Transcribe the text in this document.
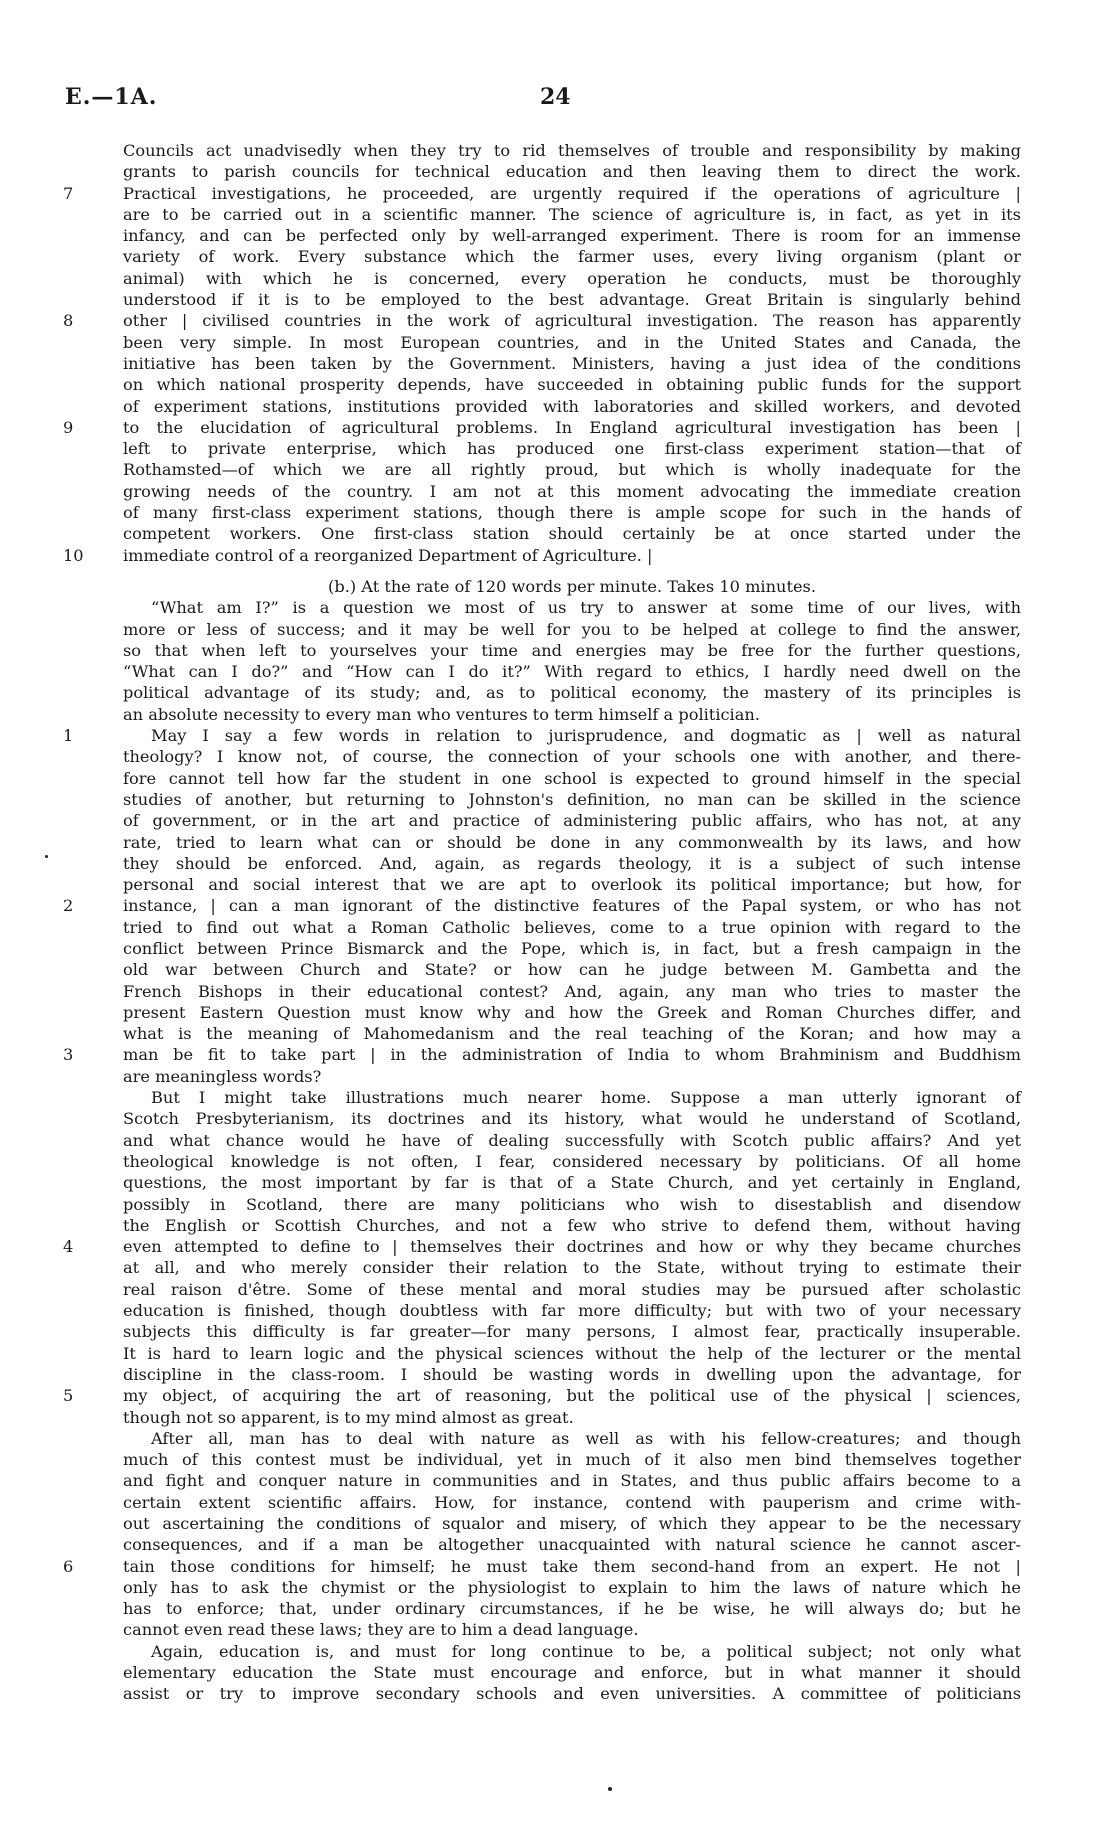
E.—1A.	24
Councils act unadvisedly when they try to rid themselves of trouble and responsibility by making
grants to parish councils for technical education and then leaving them to direct the work.
Practical investigations, he proceeded, are urgently required if the operations of agriculture |
7
are to be carried out in a scientific manner. The science of agriculture is, in fact, as yet in its
infancy, and can be perfected only by well-arranged experiment. There is room for an immense
variety of work. Every substance which the farmer uses, every living organism (plant or
animal) with which he is concerned, every operation he conducts, must be thoroughly
understood if it is to be employed to the best advantage. Great Britain is singularly behind
other | civilised countries in the work of agricultural investigation. The reason has apparently
8
been very simple. In most European countries, and in the United States and Canada, the
initiative has been taken by the Government. Ministers, having a just idea of the conditions
on which national prosperity depends, have succeeded in obtaining public funds for the support
of experiment stations, institutions provided with laboratories and skilled workers, and devoted
to the elucidation of agricultural problems. In England agricultural investigation has been |
9
left to private enterprise, which has produced one first-class experiment station—that of
Rothamsted—of which we are all rightly proud, but which is wholly inadequate for the
growing needs of the country. I am not at this moment advocating the immediate creation
of many first-class experiment stations, though there is ample scope for such in the hands of
competent workers. One first-class station should certainly be at once started under the
immediate control of a reorganized Department of Agriculture. |
10
(b.) At the rate of 120 words per minute. Takes 10 minutes.
“What am I?” is a question we most of us try to answer at some time of our lives, with
more or less of success; and it may be well for you to be helped at college to find the answer,
so that when left to yourselves your time and energies may be free for the further questions,
“What can I do?” and “How can I do it?” With regard to ethics, I hardly need dwell on the
political advantage of its study; and, as to political economy, the mastery of its principles is
an absolute necessity to every man who ventures to term himself a politician.
May I say a few words in relation to jurisprudence, and dogmatic as | well as natural
1
theology? I know not, of course, the connection of your schools one with another, and there-
fore cannot tell how far the student in one school is expected to ground himself in the special
studies of another, but returning to Johnston's definition, no man can be skilled in the science
of government, or in the art and practice of administering public affairs, who has not, at any
rate, tried to learn what can or should be done in any commonwealth by its laws, and how
they should be enforced. And, again, as regards theology, it is a subject of such intense
personal and social interest that we are apt to overlook its political importance; but how, for
instance, | can a man ignorant of the distinctive features of the Papal system, or who has not
2
tried to find out what a Roman Catholic believes, come to a true opinion with regard to the
conflict between Prince Bismarck and the Pope, which is, in fact, but a fresh campaign in the
old war between Church and State? or how can he judge between M. Gambetta and the
French Bishops in their educational contest? And, again, any man who tries to master the
present Eastern Question must know why and how the Greek and Roman Churches differ, and
what is the meaning of Mahomedanism and the real teaching of the Koran; and how may a
man be fit to take part | in the administration of India to whom Brahminism and Buddhism
3
are meaningless words?
But I might take illustrations much nearer home. Suppose a man utterly ignorant of
Scotch Presbyterianism, its doctrines and its history, what would he understand of Scotland,
and what chance would he have of dealing successfully with Scotch public affairs? And yet
theological knowledge is not often, I fear, considered necessary by politicians. Of all home
questions, the most important by far is that of a State Church, and yet certainly in England,
possibly in Scotland, there are many politicians who wish to disestablish and disendow
the English or Scottish Churches, and not a few who strive to defend them, without having
even attempted to define to | themselves their doctrines and how or why they became churches
4
at all, and who merely consider their relation to the State, without trying to estimate their
real raison d'être. Some of these mental and moral studies may be pursued after scholastic
education is finished, though doubtless with far more difficulty; but with two of your necessary
subjects this difficulty is far greater—for many persons, I almost fear, practically insuperable.
It is hard to learn logic and the physical sciences without the help of the lecturer or the mental
discipline in the class-room. I should be wasting words in dwelling upon the advantage, for
my object, of acquiring the art of reasoning, but the political use of the physical | sciences,
5
though not so apparent, is to my mind almost as great.
After all, man has to deal with nature as well as with his fellow-creatures; and though
much of this contest must be individual, yet in much of it also men bind themselves together
and fight and conquer nature in communities and in States, and thus public affairs become to a
certain extent scientific affairs. How, for instance, contend with pauperism and crime with-
out ascertaining the conditions of squalor and misery, of which they appear to be the necessary
consequences, and if a man be altogether unacquainted with natural science he cannot ascer-
tain those conditions for himself; he must take them second-hand from an expert. He not |
6
only has to ask the chymist or the physiologist to explain to him the laws of nature which he
has to enforce; that, under ordinary circumstances, if he be wise, he will always do; but he
cannot even read these laws; they are to him a dead language.
Again, education is, and must for long continue to be, a political subject; not only what
elementary education the State must encourage and enforce, but in what manner it should
assist or try to improve secondary schools and even universities. A committee of politicians
